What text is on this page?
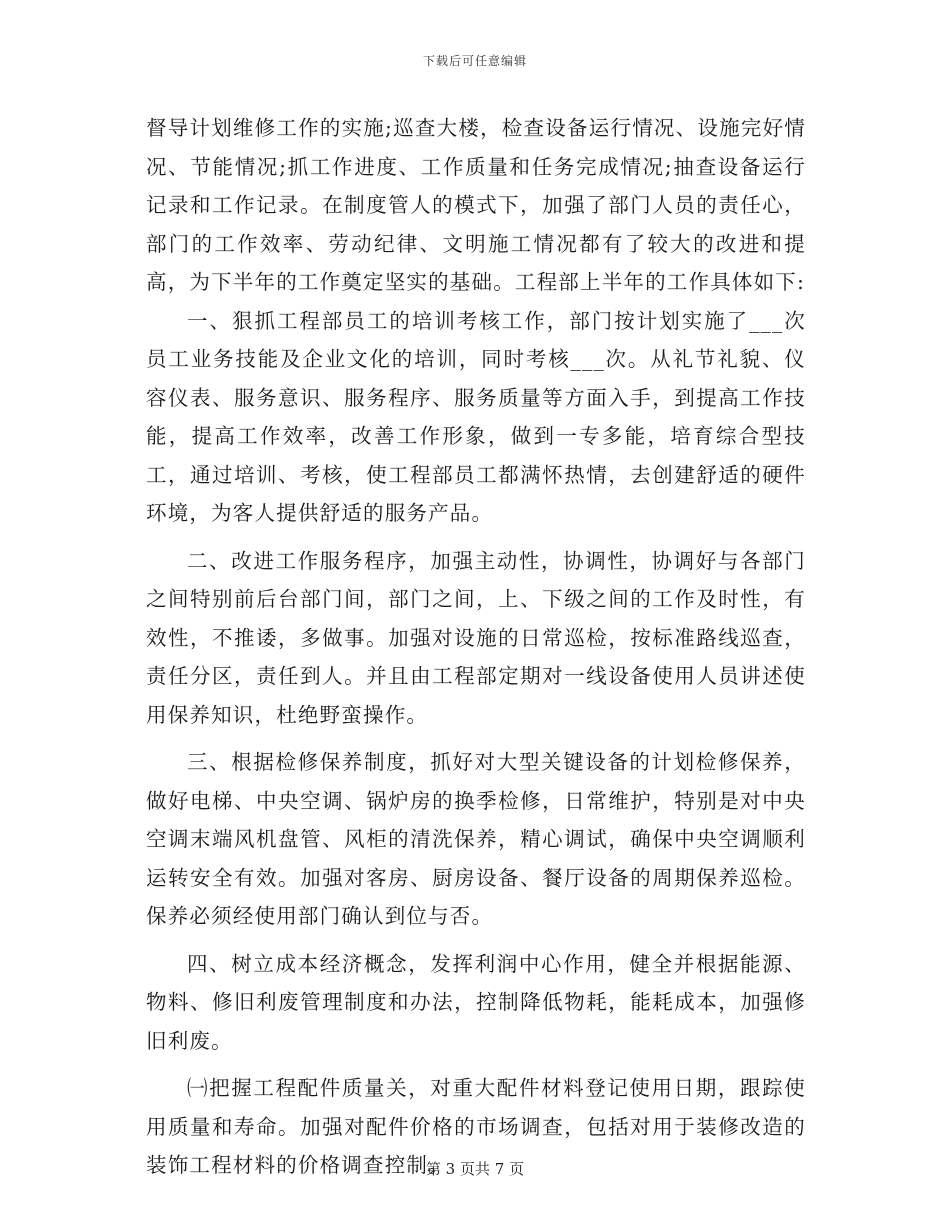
下载后可任意编辑

督导计划维修工作的实施;巡查大楼，检查设备运行情况、设施完好情况、节能情况;抓工作进度、工作质量和任务完成情况;抽查设备运行记录和工作记录。在制度管人的模式下，加强了部门人员的责任心，部门的工作效率、劳动纪律、文明施工情况都有了较大的改进和提高，为下半年的工作奠定坚实的基础。工程部上半年的工作具体如下:

一、狠抓工程部员工的培训考核工作，部门按计划实施了___次员工业务技能及企业文化的培训，同时考核___次。从礼节礼貌、仪容仪表、服务意识、服务程序、服务质量等方面入手，到提高工作技能，提高工作效率，改善工作形象，做到一专多能，培育综合型技工，通过培训、考核，使工程部员工都满怀热情，去创建舒适的硬件环境，为客人提供舒适的服务产品。

二、改进工作服务程序，加强主动性，协调性，协调好与各部门之间特别前后台部门间，部门之间，上、下级之间的工作及时性，有效性，不推诿，多做事。加强对设施的日常巡检，按标准路线巡查，责任分区，责任到人。并且由工程部定期对一线设备使用人员讲述使用保养知识，杜绝野蛮操作。

三、根据检修保养制度，抓好对大型关键设备的计划检修保养，做好电梯、中央空调、锅炉房的换季检修，日常维护，特别是对中央空调末端风机盘管、风柜的清洗保养，精心调试，确保中央空调顺利运转安全有效。加强对客房、厨房设备、餐厅设备的周期保养巡检。保养必须经使用部门确认到位与否。

四、树立成本经济概念，发挥利润中心作用，健全并根据能源、物料、修旧利废管理制度和办法，控制降低物耗，能耗成本，加强修旧利废。

㈠把握工程配件质量关，对重大配件材料登记使用日期，跟踪使用质量和寿命。加强对配件价格的市场调查，包括对用于装修改造的装饰工程材料的价格调查控制。

第 3 页共 7 页
